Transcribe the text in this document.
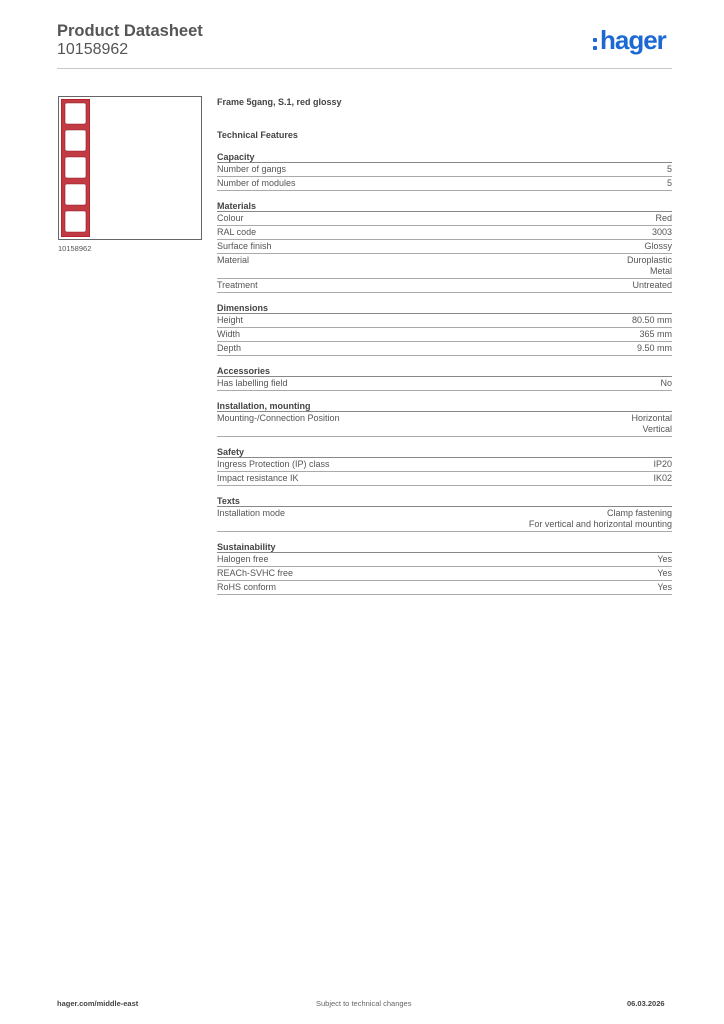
Product Datasheet
10158962	hager
10158962
Frame 5gang, S.1, red glossy
Technical Features
Capacity
Number of gangs	5
Number of modules	5
Materials
Colour	Red
RAL code	3003
Surface finish	Glossy
Material	Duroplastic
Metal
Treatment	Untreated
Dimensions
Height	80.50 mm
Width	365 mm
Depth	9.50 mm
Accessories
Has labelling field	No
Installation, mounting
Mounting-/Connection Position	Horizontal
Vertical
Safety
Ingress Protection (IP) class	IP20
Impact resistance IK	IK02
Texts
Installation mode	Clamp fastening
For vertical and horizontal mounting
Sustainability
Halogen free	Yes
REACh-SVHC free	Yes
RoHS conform	Yes
hager.com/middle-east	Subject to technical changes	06.03.2026
